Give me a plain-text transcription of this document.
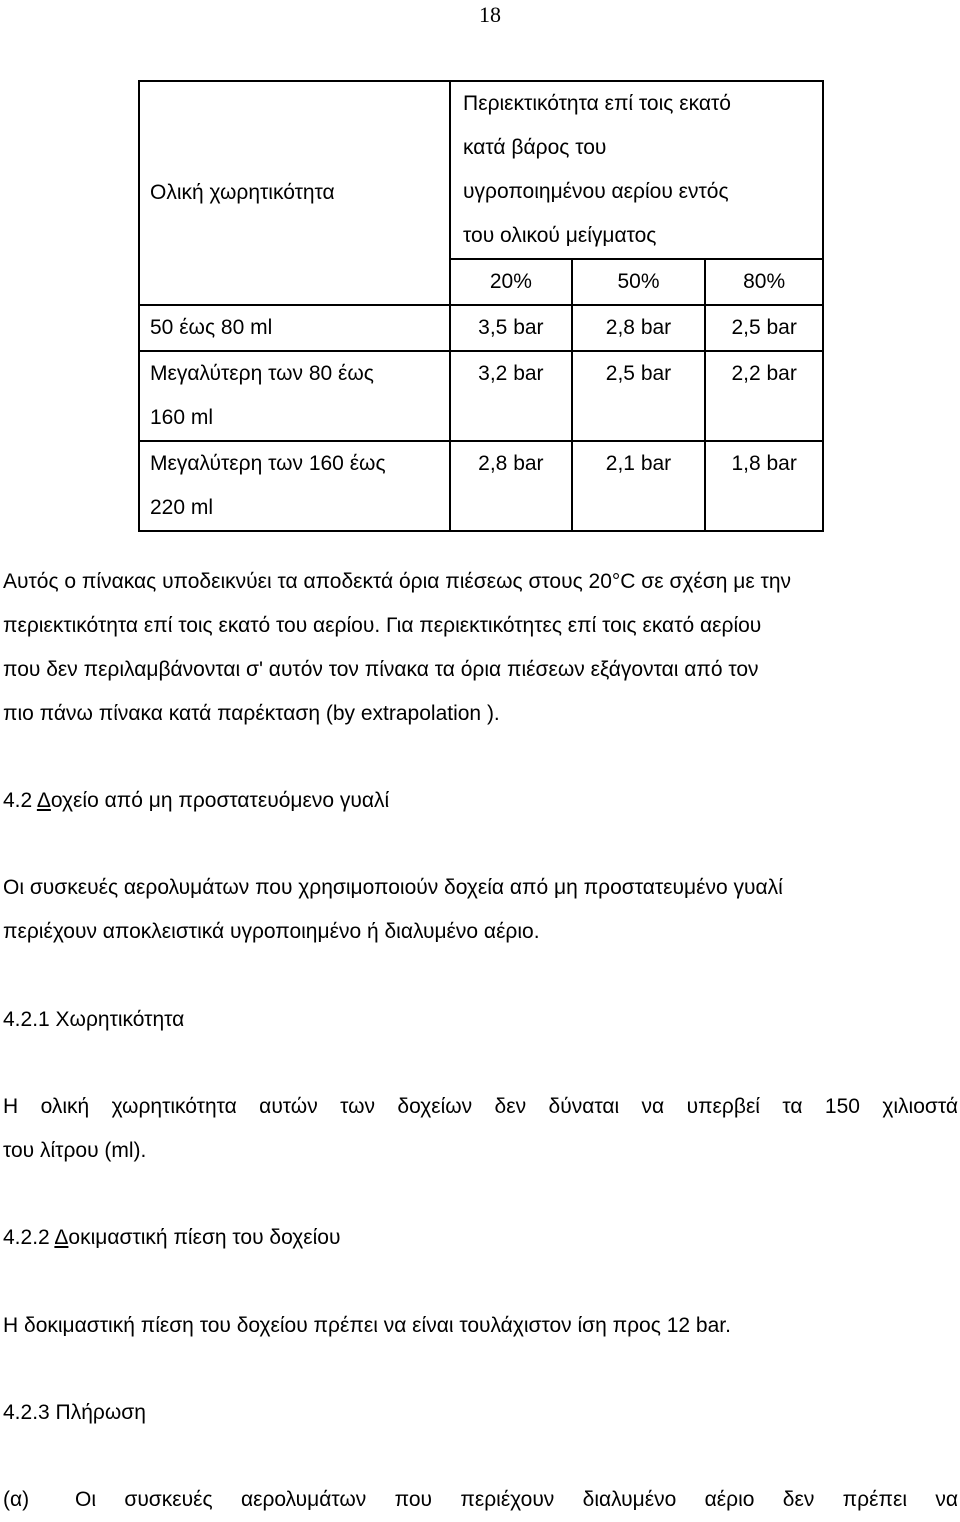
18
Ολική χωρητικότητα	Περιεκτικότητα επί τοις εκατό
κατά βάρος του
υγροποιημένου αερίου εντός
του ολικού μείγματος		

	20%	50%	80%

50 έως 80 ml	3,5 bar	2,8 bar	2,5 bar

Μεγαλύτερη των 80 έως
160 ml	3,2 bar	2,5 bar	2,2 bar

Μεγαλύτερη των 160 έως
220 ml	2,8 bar	2,1 bar	1,8 bar
Αυτός ο πίνακας υποδεικνύει τα αποδεκτά όρια πιέσεως στους 20°C σε σχέση με την
περιεκτικότητα επί τοις εκατό του αερίου. Για περιεκτικότητες επί τοις εκατό αερίου
που δεν περιλαμβάνονται σ' αυτόν τον πίνακα τα όρια πιέσεων εξάγονται από τον
πιο πάνω πίνακα κατά παρέκταση (by extrapolation ).
4.2 Δοχείο από μη προστατευόμενο γυαλί
Οι συσκευές αερολυμάτων που χρησιμοποιούν δοχεία από μη προστατευμένο γυαλί
περιέχουν αποκλειστικά υγροποιημένο ή διαλυμένο αέριο.
4.2.1 Χωρητικότητα
Η ολική χωρητικότητα αυτών των δοχείων δεν δύναται να υπερβεί τα 150 χιλιοστά
του λίτρου (ml).
4.2.2 Δοκιμαστική πίεση του δοχείου
Η δοκιμαστική πίεση του δοχείου πρέπει να είναι τουλάχιστον ίση προς 12 bar.
4.2.3 Πλήρωση
(α)	Οι συσκευές αερολυμάτων που περιέχουν διαλυμένο αέριο δεν πρέπει να
